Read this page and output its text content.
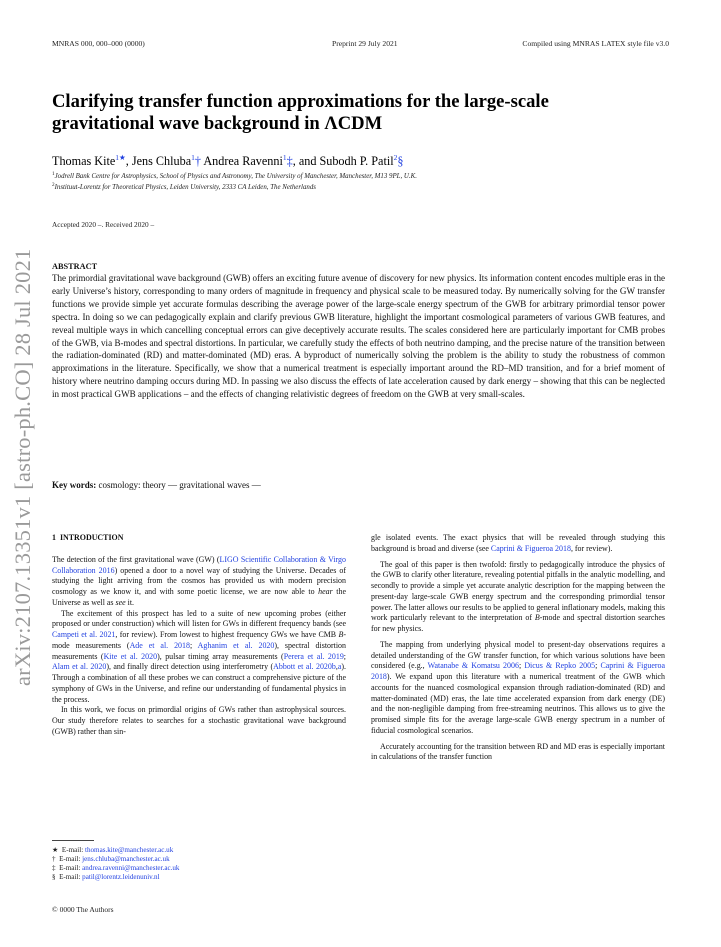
MNRAS 000, 000–000 (0000)	Preprint 29 July 2021	Compiled using MNRAS LATEX style file v3.0
arXiv:2107.13351v1 [astro-ph.CO] 28 Jul 2021
Clarifying transfer function approximations for the large-scale gravitational wave background in ΛCDM
Thomas Kite$^{1★}$, Jens Chluba$^1$† Andrea Ravenni$^1$‡, and Subodh P. Patil$^2$§
$^1$Jodrell Bank Centre for Astrophysics, School of Physics and Astronomy, The University of Manchester, Manchester, M13 9PL, U.K.
$^2$Instituut-Lorentz for Theoretical Physics, Leiden University, 2333 CA Leiden, The Netherlands
Accepted 2020 –. Received 2020 –
ABSTRACT
The primordial gravitational wave background (GWB) offers an exciting future avenue of discovery for new physics. Its information content encodes multiple eras in the early Universe’s history, corresponding to many orders of magnitude in frequency and physical scale to be measured today. By numerically solving for the GW transfer functions we provide simple yet accurate formulas describing the average power of the large-scale energy spectrum of the GWB for arbitrary primordial tensor power spectra. In doing so we can pedagogically explain and clarify previous GWB literature, highlight the important cosmological parameters of various GWB features, and reveal multiple ways in which cancelling conceptual errors can give deceptively accurate results. The scales considered here are particularly important for CMB probes of the GWB, via B-modes and spectral distortions. In particular, we carefully study the effects of both neutrino damping, and the precise nature of the transition between the radiation-dominated (RD) and matter-dominated (MD) eras. A byproduct of numerically solving the problem is the ability to study the robustness of common approximations in the literature. Specifically, we show that a numerical treatment is especially important around the RD–MD transition, and for a brief moment of history where neutrino damping occurs during MD. In passing we also discuss the effects of late acceleration caused by dark energy – showing that this can be neglected in most practical GWB applications – and the effects of changing relativistic degrees of freedom on the GWB at very small-scales.
Key words: cosmology: theory — gravitational waves —
1 INTRODUCTION

The detection of the first gravitational wave (GW) (LIGO Scientific Collaboration & Virgo Collaboration 2016) opened a door to a novel way of studying the Universe. Decades of studying the light arriving from the cosmos has provided us with modern precision cosmology as we know it, and with some poetic license, we are now able to hear the Universe as well as see it.

The excitement of this prospect has led to a suite of new upcoming probes (either proposed or under construction) which will listen for GWs in different frequency bands (see Campeti et al. 2021, for review). From lowest to highest frequency GWs we have CMB B-mode measurements (Ade et al. 2018; Aghanim et al. 2020), spectral distortion measurements (Kite et al. 2020), pulsar timing array measurements (Perera et al. 2019; Alam et al. 2020), and finally direct detection using interferometry (Abbott et al. 2020b,a). Through a combination of all these probes we can construct a comprehensive picture of the symphony of GWs in the Universe, and refine our understanding of fundamental physics in the process.

In this work, we focus on primordial origins of GWs rather than astrophysical sources. Our study therefore relates to searches for a stochastic gravitational wave background (GWB) rather than sin-

gle isolated events. The exact physics that will be revealed through studying this background is broad and diverse (see Caprini & Figueroa 2018, for review).

The goal of this paper is then twofold: firstly to pedagogically introduce the physics of the GWB to clarify other literature, revealing potential pitfalls in the analytic modelling, and secondly to provide a simple yet accurate analytic description for the mapping between the present-day large-scale GWB energy spectrum and the corresponding primordial tensor power. The latter allows our results to be applied to general inflationary models, making this work particularly relevant to the interpretation of B-mode and spectral distortion searches for new physics.

The mapping from underlying physical model to present-day observations requires a detailed understanding of the GW transfer function, for which various solutions have been considered (e.g., Watanabe & Komatsu 2006; Dicus & Repko 2005; Caprini & Figueroa 2018). We expand upon this literature with a numerical treatment of the GWB which accounts for the nuanced cosmological expansion through radiation-dominated (RD) and matter-dominated (MD) eras, the late time accelerated expansion from dark energy (DE) and the non-negligible damping from free-streaming neutrinos. This allows us to give the promised simple fits for the average large-scale GWB energy spectrum in a number of fiducial cosmological scenarios.

Accurately accounting for the transition between RD and MD eras is especially important in calculations of the transfer function

★ E-mail: thomas.kite@manchester.ac.uk
† E-mail: jens.chluba@manchester.ac.uk
‡ E-mail: andrea.ravenni@manchester.ac.uk
§ E-mail: patil@lorentz.leidenuniv.nl
© 0000 The Authors
